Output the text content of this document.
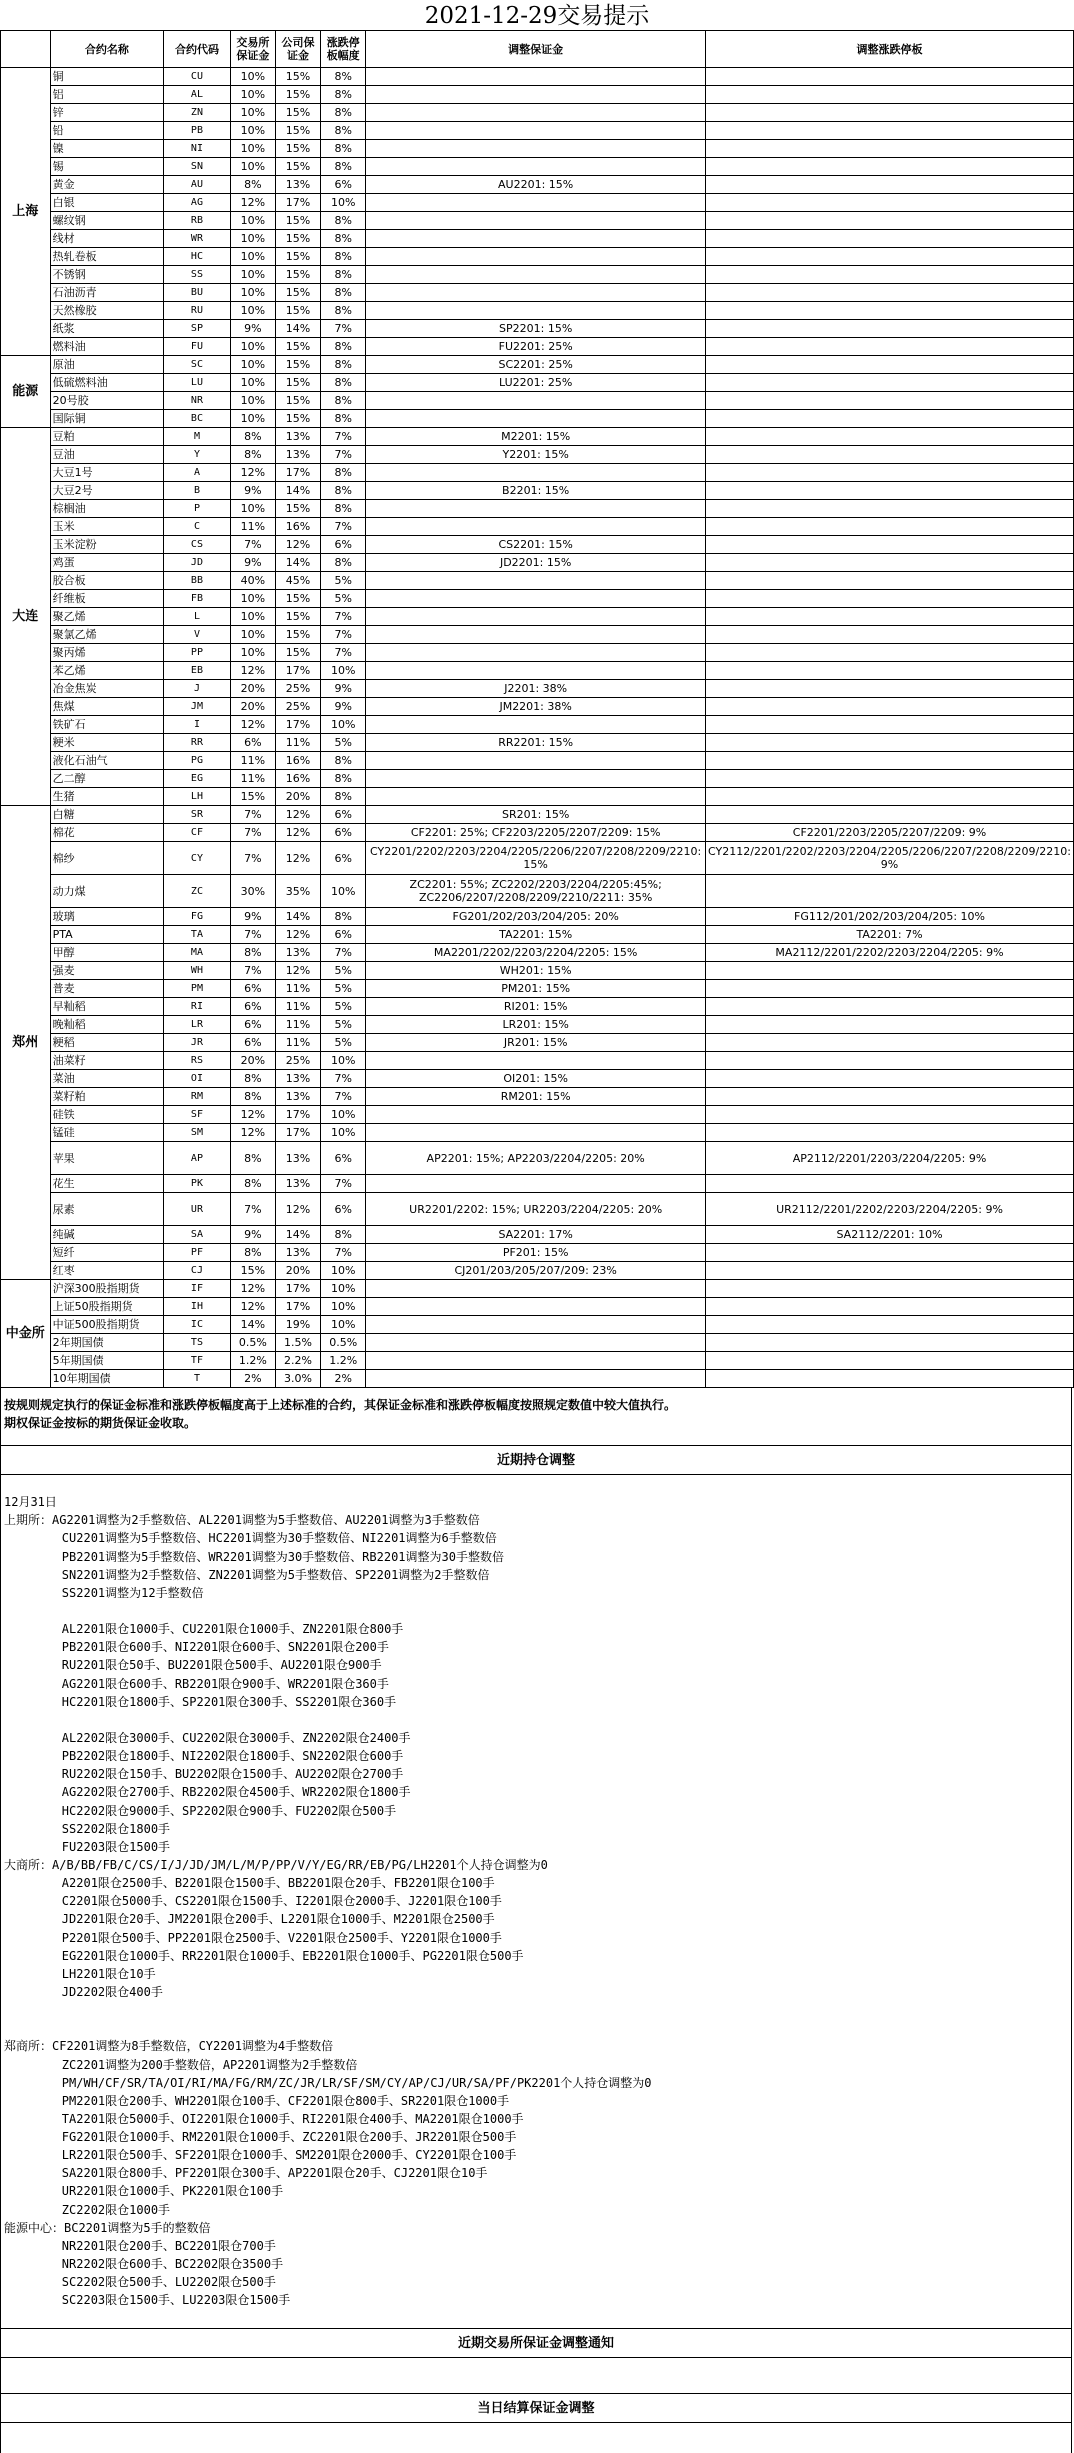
2021-12-29交易提示
	合约名称	合约代码	交易所保证金	公司保证金	涨跌停板幅度	调整保证金	调整涨跌停板
上海	铜	CU	10%	15%	8%		
	铝	AL	10%	15%	8%		
	锌	ZN	10%	15%	8%		
	铅	PB	10%	15%	8%		
	镍	NI	10%	15%	8%		
	锡	SN	10%	15%	8%		
	黄金	AU	8%	13%	6%	AU2201: 15%	
	白银	AG	12%	17%	10%		
	螺纹钢	RB	10%	15%	8%		
	线材	WR	10%	15%	8%		
	热轧卷板	HC	10%	15%	8%		
	不锈钢	SS	10%	15%	8%		
	石油沥青	BU	10%	15%	8%		
	天然橡胶	RU	10%	15%	8%		
	纸浆	SP	9%	14%	7%	SP2201: 15%	
	燃料油	FU	10%	15%	8%	FU2201: 25%	
能源	原油	SC	10%	15%	8%	SC2201: 25%	
	低硫燃料油	LU	10%	15%	8%	LU2201: 25%	
	20号胶	NR	10%	15%	8%		
	国际铜	BC	10%	15%	8%		
大连	豆粕	M	8%	13%	7%	M2201: 15%	
	豆油	Y	8%	13%	7%	Y2201: 15%	
	大豆1号	A	12%	17%	8%		
	大豆2号	B	9%	14%	8%	B2201: 15%	
	棕榈油	P	10%	15%	8%		
	玉米	C	11%	16%	7%		
	玉米淀粉	CS	7%	12%	6%	CS2201: 15%	
	鸡蛋	JD	9%	14%	8%	JD2201: 15%	
	胶合板	BB	40%	45%	5%		
	纤维板	FB	10%	15%	5%		
	聚乙烯	L	10%	15%	7%		
	聚氯乙烯	V	10%	15%	7%		
	聚丙烯	PP	10%	15%	7%		
	苯乙烯	EB	12%	17%	10%		
	冶金焦炭	J	20%	25%	9%	J2201: 38%	
	焦煤	JM	20%	25%	9%	JM2201: 38%	
	铁矿石	I	12%	17%	10%		
	粳米	RR	6%	11%	5%	RR2201: 15%	
	液化石油气	PG	11%	16%	8%		
	乙二醇	EG	11%	16%	8%		
	生猪	LH	15%	20%	8%		
郑州	白糖	SR	7%	12%	6%	SR201: 15%	
	棉花	CF	7%	12%	6%	CF2201: 25%; CF2203/2205/2207/2209: 15%	CF2201/2203/2205/2207/2209: 9%
	棉纱	CY	7%	12%	6%	CY2201/2202/2203/2204/2205/2206/2207/2208/2209/2210: 15%	CY2112/2201/2202/2203/2204/2205/2206/2207/2208/2209/2210: 9%
	动力煤	ZC	30%	35%	10%	ZC2201: 55%; ZC2202/2203/2204/2205:45%; ZC2206/2207/2208/2209/2210/2211: 35%	
	玻璃	FG	9%	14%	8%	FG201/202/203/204/205: 20%	FG112/201/202/203/204/205: 10%
	PTA	TA	7%	12%	6%	TA2201: 15%	TA2201: 7%
	甲醇	MA	8%	13%	7%	MA2201/2202/2203/2204/2205: 15%	MA2112/2201/2202/2203/2204/2205: 9%
	强麦	WH	7%	12%	5%	WH201: 15%	
	普麦	PM	6%	11%	5%	PM201: 15%	
	早籼稻	RI	6%	11%	5%	RI201: 15%	
	晚籼稻	LR	6%	11%	5%	LR201: 15%	
	粳稻	JR	6%	11%	5%	JR201: 15%	
	油菜籽	RS	20%	25%	10%		
	菜油	OI	8%	13%	7%	OI201: 15%	
	菜籽粕	RM	8%	13%	7%	RM201: 15%	
	硅铁	SF	12%	17%	10%		
	锰硅	SM	12%	17%	10%		
	苹果	AP	8%	13%	6%	AP2201: 15%; AP2203/2204/2205: 20%	AP2112/2201/2203/2204/2205: 9%
	花生	PK	8%	13%	7%		
	尿素	UR	7%	12%	6%	UR2201/2202: 15%; UR2203/2204/2205: 20%	UR2112/2201/2202/2203/2204/2205: 9%
	纯碱	SA	9%	14%	8%	SA2201: 17%	SA2112/2201: 10%
	短纤	PF	8%	13%	7%	PF201: 15%	
	红枣	CJ	15%	20%	10%	CJ201/203/205/207/209: 23%	
中金所	沪深300股指期货	IF	12%	17%	10%		
	上证50股指期货	IH	12%	17%	10%		
	中证500股指期货	IC	14%	19%	10%		
	2年期国债	TS	0.5%	1.5%	0.5%		
	5年期国债	TF	1.2%	2.2%	1.2%		
	10年期国债	T	2%	3.0%	2%		
按规则规定执行的保证金标准和涨跌停板幅度高于上述标准的合约，其保证金标准和涨跌停板幅度按照规定数值中较大值执行。
期权保证金按标的期货保证金收取。
近期持仓调整
12月31日
上期所：AG2201调整为2手整数倍、AL2201调整为5手整数倍、AU2201调整为3手整数倍
CU2201调整为5手整数倍、HC2201调整为30手整数倍、NI2201调整为6手整数倍
PB2201调整为5手整数倍、WR2201调整为30手整数倍、RB2201调整为30手整数倍
SN2201调整为2手整数倍、ZN2201调整为5手整数倍、SP2201调整为2手整数倍
SS2201调整为12手整数倍
AL2201限仓1000手、CU2201限仓1000手、ZN2201限仓800手
PB2201限仓600手、NI2201限仓600手、SN2201限仓200手
RU2201限仓50手、BU2201限仓500手、AU2201限仓900手
AG2201限仓600手、RB2201限仓900手、WR2201限仓360手
HC2201限仓1800手、SP2201限仓300手、SS2201限仓360手
AL2202限仓3000手、CU2202限仓3000手、ZN2202限仓2400手
PB2202限仓1800手、NI2202限仓1800手、SN2202限仓600手
RU2202限仓150手、BU2202限仓1500手、AU2202限仓2700手
AG2202限仓2700手、RB2202限仓4500手、WR2202限仓1800手
HC2202限仓9000手、SP2202限仓900手、FU2202限仓500手
SS2202限仓1800手
FU2203限仓1500手
大商所：A/B/BB/FB/C/CS/I/J/JD/JM/L/M/P/PP/V/Y/EG/RR/EB/PG/LH2201个人持仓调整为0
A2201限仓2500手、B2201限仓1500手、BB2201限仓20手、FB2201限仓100手
C2201限仓5000手、CS2201限仓1500手、I2201限仓2000手、J2201限仓100手
JD2201限仓20手、JM2201限仓200手、L2201限仓1000手、M2201限仓2500手
P2201限仓500手、PP2201限仓2500手、V2201限仓2500手、Y2201限仓1000手
EG2201限仓1000手、RR2201限仓1000手、EB2201限仓1000手、PG2201限仓500手
LH2201限仓10手
JD2202限仓400手
郑商所：CF2201调整为8手整数倍，CY2201调整为4手整数倍
ZC2201调整为200手整数倍，AP2201调整为2手整数倍
PM/WH/CF/SR/TA/OI/RI/MA/FG/RM/ZC/JR/LR/SF/SM/CY/AP/CJ/UR/SA/PF/PK2201个人持仓调整为0
PM2201限仓200手、WH2201限仓100手、CF2201限仓800手、SR2201限仓1000手
TA2201限仓5000手、OI2201限仓1000手、RI2201限仓400手、MA2201限仓1000手
FG2201限仓1000手、RM2201限仓1000手、ZC2201限仓200手、JR2201限仓500手
LR2201限仓500手、SF2201限仓1000手、SM2201限仓2000手、CY2201限仓100手
SA2201限仓800手、PF2201限仓300手、AP2201限仓20手、CJ2201限仓10手
UR2201限仓1000手、PK2201限仓100手
ZC2202限仓1000手
能源中心：BC2201调整为5手的整数倍
NR2201限仓200手、BC2201限仓700手
NR2202限仓600手、BC2202限仓3500手
SC2202限仓500手、LU2202限仓500手
SC2203限仓1500手、LU2203限仓1500手
近期交易所保证金调整通知
当日结算保证金调整
